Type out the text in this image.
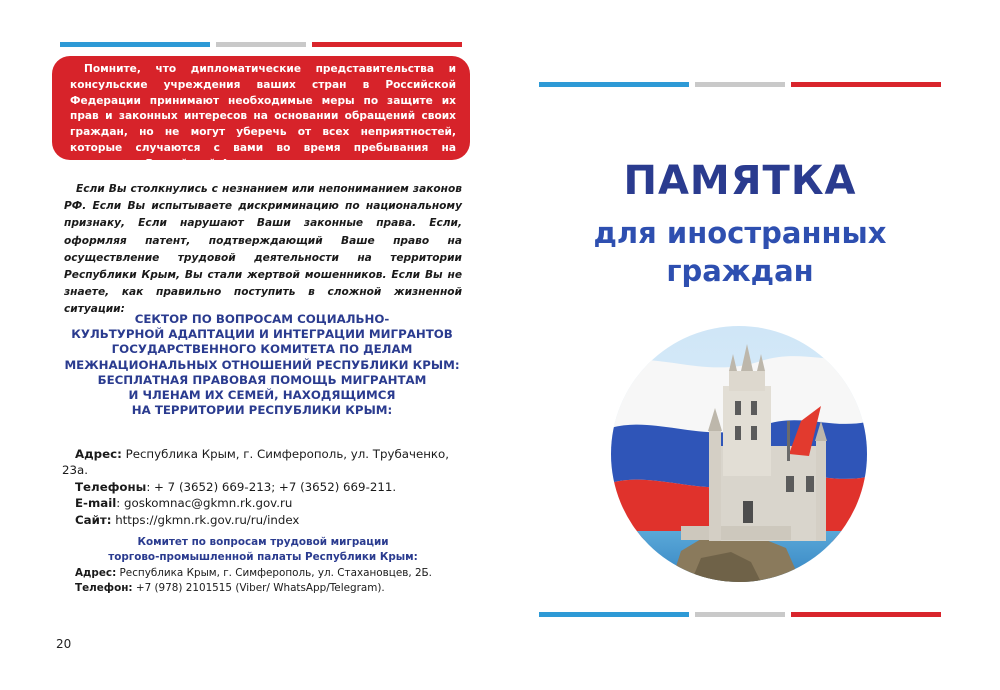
Помните, что дипломатические представительства и консульские учреждения ваших стран в Российской Федерации принимают необходимые меры по защите их прав и законных интересов на основании обращений своих граждан, но не могут уберечь от всех неприятностей, которые случаются с вами во время пребывания на территории Российской Федерации.
Если Вы столкнулись с незнанием или непониманием законов РФ. Если Вы испытываете дискриминацию по национальному признаку, Если нарушают Ваши законные права. Если, оформляя патент, подтверждающий Ваше право на осуществление трудовой деятельности на территории Республики Крым, Вы стали жертвой мошенников. Если Вы не знаете, как правильно поступить в сложной жизненной ситуации:
СЕКТОР ПО ВОПРОСАМ СОЦИАЛЬНО-
КУЛЬТУРНОЙ АДАПТАЦИИ И ИНТЕГРАЦИИ МИГРАНТОВ
ГОСУДАРСТВЕННОГО КОМИТЕТА ПО ДЕЛАМ
МЕЖНАЦИОНАЛЬНЫХ ОТНОШЕНИЙ РЕСПУБЛИКИ КРЫМ:
БЕСПЛАТНАЯ ПРАВОВАЯ ПОМОЩЬ МИГРАНТАМ
И ЧЛЕНАМ ИХ СЕМЕЙ, НАХОДЯЩИМСЯ
НА ТЕРРИТОРИИ РЕСПУБЛИКИ КРЫМ:
Адрес: Республика Крым, г. Симферополь, ул. Трубаченко, 23а.
Телефоны: + 7 (3652) 669-213; +7 (3652) 669-211.
E-mail: goskomnac@gkmn.rk.gov.ru
Сайт: https://gkmn.rk.gov.ru/ru/index
Комитет по вопросам трудовой миграции
торгово-промышленной палаты Республики Крым:
Адрес: Республика Крым, г. Симферополь, ул. Стахановцев, 2Б.
Телефон: +7 (978) 2101515 (Viber/ WhatsApp/Telegram).
20
ПАМЯТКА
для иностранных
граждан
